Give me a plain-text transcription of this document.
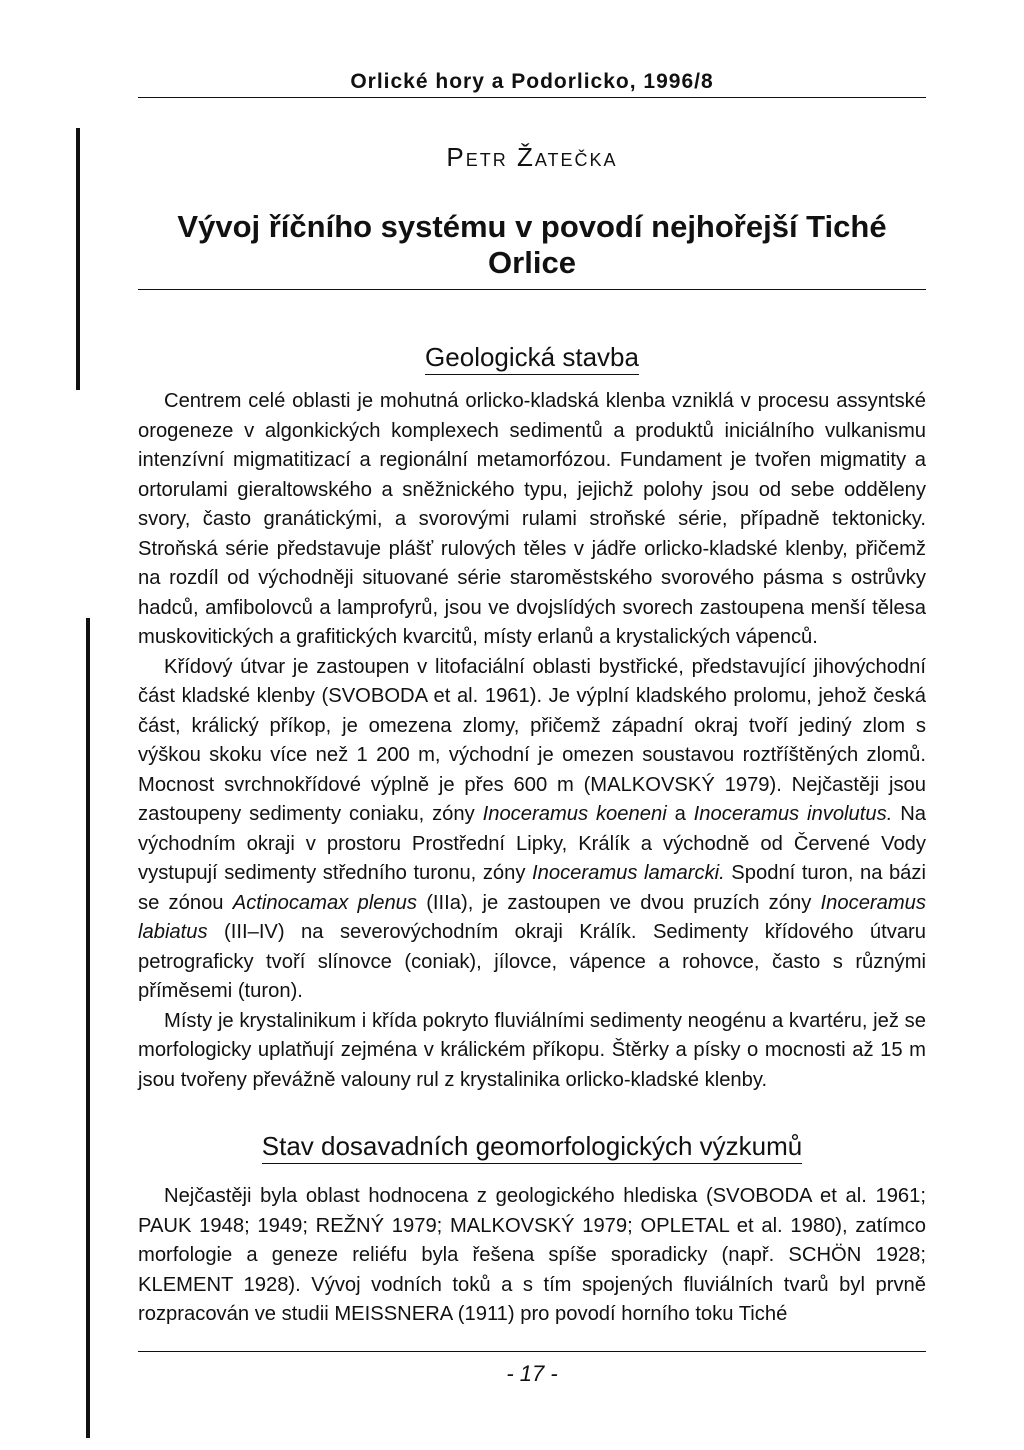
Orlické hory a Podorlicko, 1996/8
Petr Žatečka
Vývoj říčního systému v povodí nejhořejší Tiché Orlice
Geologická stavba

Centrem celé oblasti je mohutná orlicko-kladská klenba vzniklá v procesu assyntské orogeneze v algonkických komplexech sedimentů a produktů iniciálního vulkanismu intenzívní migmatitizací a regionální metamorfózou. Fundament je tvořen migmatity a ortorulami gieraltowského a sněžnického typu, jejichž polohy jsou od sebe odděleny svory, často granátickými, a svorovými rulami stroňské série, případně tektonicky. Stroňská série představuje plášť rulových těles v jádře orlicko-kladské klenby, přičemž na rozdíl od východněji situované série staroměstského svorového pásma s ostrůvky hadců, amfibolovců a lamprofyrů, jsou ve dvojslídých svorech zastoupena menší tělesa muskovitických a grafitických kvarcitů, místy erlanů a krystalických vápenců.

Křídový útvar je zastoupen v litofaciální oblasti bystřické, představující jihovýchodní část kladské klenby (SVOBODA et al. 1961). Je výplní kladského prolomu, jehož česká část, králický příkop, je omezena zlomy, přičemž západní okraj tvoří jediný zlom s výškou skoku více než 1 200 m, východní je omezen soustavou roztříštěných zlomů. Mocnost svrchnokřídové výplně je přes 600 m (MALKOVSKÝ 1979). Nejčastěji jsou zastoupeny sedimenty coniaku, zóny Inoceramus koeneni a Inoceramus involutus. Na východním okraji v prostoru Prostřední Lipky, Králík a východně od Červené Vody vystupují sedimenty středního turonu, zóny Inoceramus lamarcki. Spodní turon, na bázi se zónou Actinocamax plenus (IIIa), je zastoupen ve dvou pruzích zóny Inoceramus labiatus (III–IV) na severovýchodním okraji Králík. Sedimenty křídového útvaru petrograficky tvoří slínovce (coniak), jílovce, vápence a rohovce, často s různými příměsemi (turon).

Místy je krystalinikum i křída pokryto fluviálními sedimenty neogénu a kvartéru, jež se morfologicky uplatňují zejména v králickém příkopu. Štěrky a písky o mocnosti až 15 m jsou tvořeny převážně valouny rul z krystalinika orlicko-kladské klenby.

Stav dosavadních geomorfologických výzkumů

Nejčastěji byla oblast hodnocena z geologického hlediska (SVOBODA et al. 1961; PAUK 1948; 1949; REŽNÝ 1979; MALKOVSKÝ 1979; OPLETAL et al. 1980), zatímco morfologie a geneze reliéfu byla řešena spíše sporadicky (např. SCHÖN 1928; KLEMENT 1928). Vývoj vodních toků a s tím spojených fluviálních tvarů byl prvně rozpracován ve studii MEISSNERA (1911) pro povodí horního toku Tiché

- 17 -
